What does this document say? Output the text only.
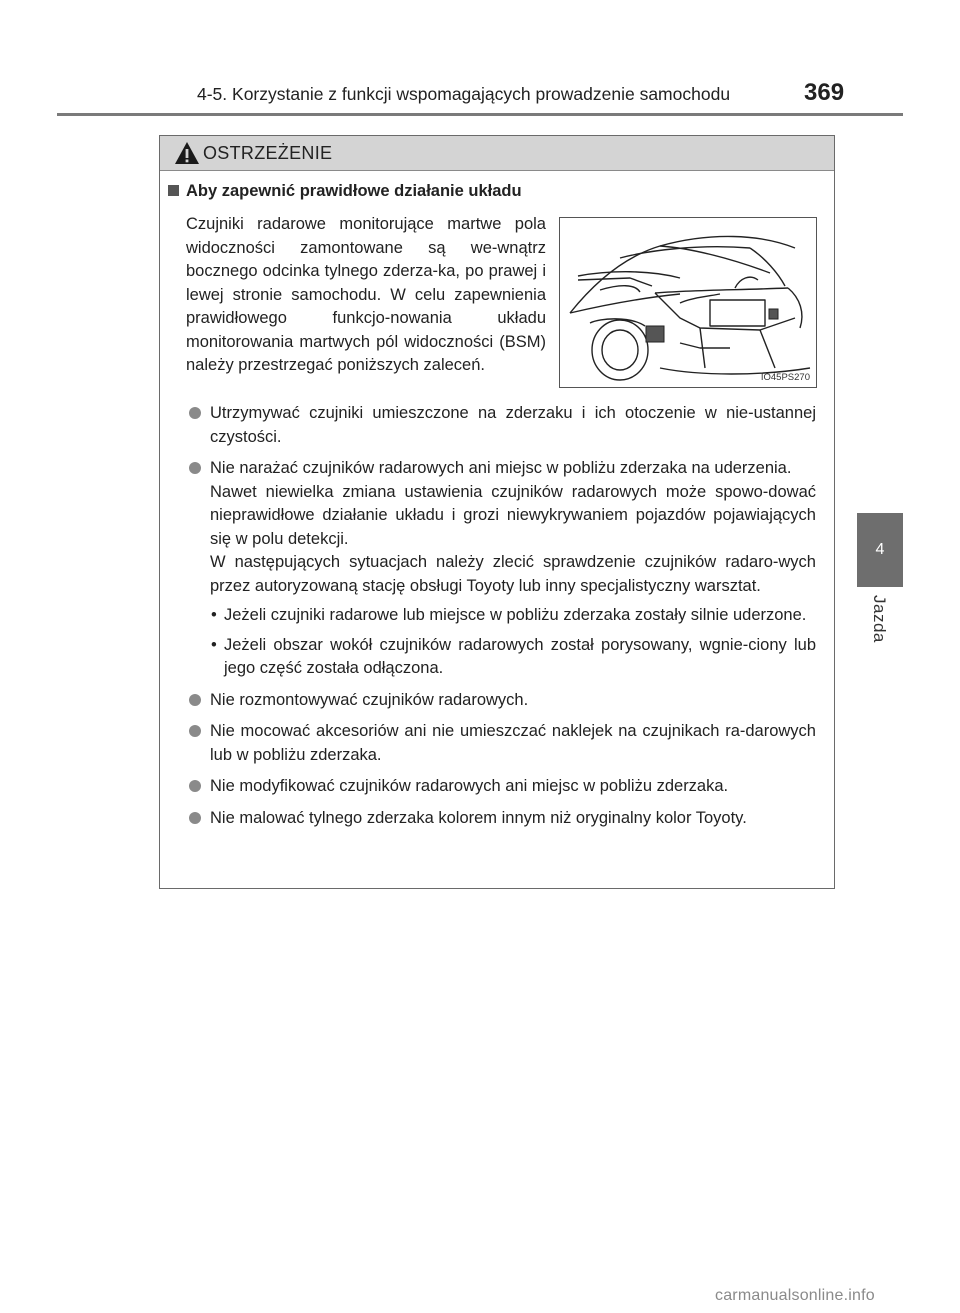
4-5. Korzystanie z funkcji wspomagających prowadzenie samochodu	369
4
Jazda
OSTRZEŻENIE
Aby zapewnić prawidłowe działanie układu
Czujniki radarowe monitorujące martwe pola widoczności zamontowane są we-wnątrz bocznego odcinka tylnego zderza-ka, po prawej i lewej stronie samochodu. W celu zapewnienia prawidłowego funkcjo-nowania układu monitorowania martwych pól widoczności (BSM) należy przestrzegać poniższych zaleceń.
IO45PS270

Utrzymywać czujniki umieszczone na zderzaku i ich otoczenie w nie-ustannej czystości.

Nie narażać czujników radarowych ani miejsc w pobliżu zderzaka na uderzenia.

Nawet niewielka zmiana ustawienia czujników radarowych może spowo-dować nieprawidłowe działanie układu i grozi niewykrywaniem pojazdów pojawiających się w polu detekcji.

W następujących sytuacjach należy zlecić sprawdzenie czujników radaro-wych przez autoryzowaną stację obsługi Toyoty lub inny specjalistyczny warsztat.

• Jeżeli czujniki radarowe lub miejsce w pobliżu zderzaka zostały silnie uderzone.
• Jeżeli obszar wokół czujników radarowych został porysowany, wgnie-ciony lub jego część została odłączona.

Nie rozmontowywać czujników radarowych.

Nie mocować akcesoriów ani nie umieszczać naklejek na czujnikach ra-darowych lub w pobliżu zderzaka.

Nie modyfikować czujników radarowych ani miejsc w pobliżu zderzaka.

Nie malować tylnego zderzaka kolorem innym niż oryginalny kolor Toyoty.

carmanualsonline.info
